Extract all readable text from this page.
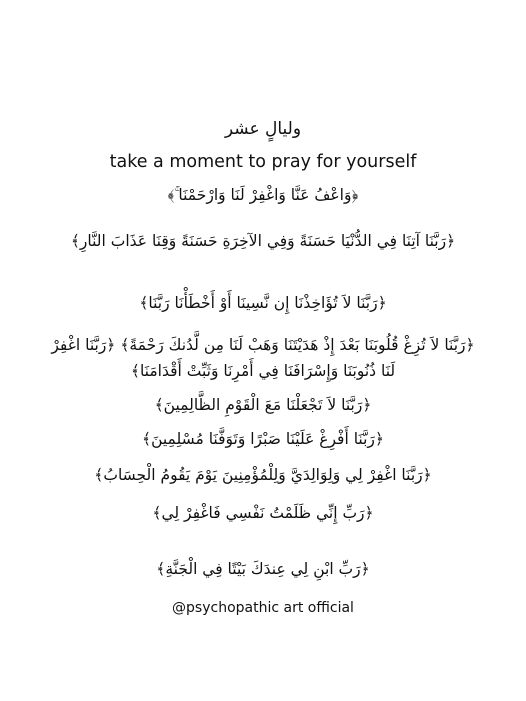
وليالٍ عشر
take a moment to pray for yourself
﴿وَاعْفُ عَنَّا وَاغْفِرْ لَنَا وَارْحَمْنَا ۚ﴾
﴿رَبَّنَا آتِنَا فِي الدُّنْيَا حَسَنَةً وَفِي الآخِرَةِ حَسَنَةً وَقِنَا عَذَابَ النَّارِ﴾
﴿رَبَّنَا لاَ تُؤَاخِذْنَا إِن نَّسِينَا أَوْ أَخْطَأْنَا رَبَّنَا﴾
﴿رَبَّنَا لاَ تُزِغْ قُلُوبَنَا بَعْدَ إِذْ هَدَيْتَنَا وَهَبْ لَنَا مِن لَّدُنكَ رَحْمَةً﴾ ﴿رَبَّنَا اغْفِرْ لَنَا ذُنُوبَنَا وَإِسْرَافَنَا فِي أَمْرِنَا وَثَبِّتْ أَقْدَامَنَا﴾
﴿رَبَّنَا لاَ تَجْعَلْنَا مَعَ الْقَوْمِ الظَّالِمِينَ﴾
﴿رَبَّنَا أَفْرِغْ عَلَيْنَا صَبْرًا وَتَوَفَّنَا مُسْلِمِينَ﴾
﴿رَبَّنَا اغْفِرْ لِي وَلِوَالِدَيَّ وَلِلْمُؤْمِنِينَ يَوْمَ يَقُومُ الْحِسَابُ﴾
﴿رَبِّ إِنِّي ظَلَمْتُ نَفْسِي فَاغْفِرْ لِي﴾
﴿رَبِّ ابْنِ لِي عِندَكَ بَيْتًا فِي الْجَنَّةِ﴾
@psychopathic art official
